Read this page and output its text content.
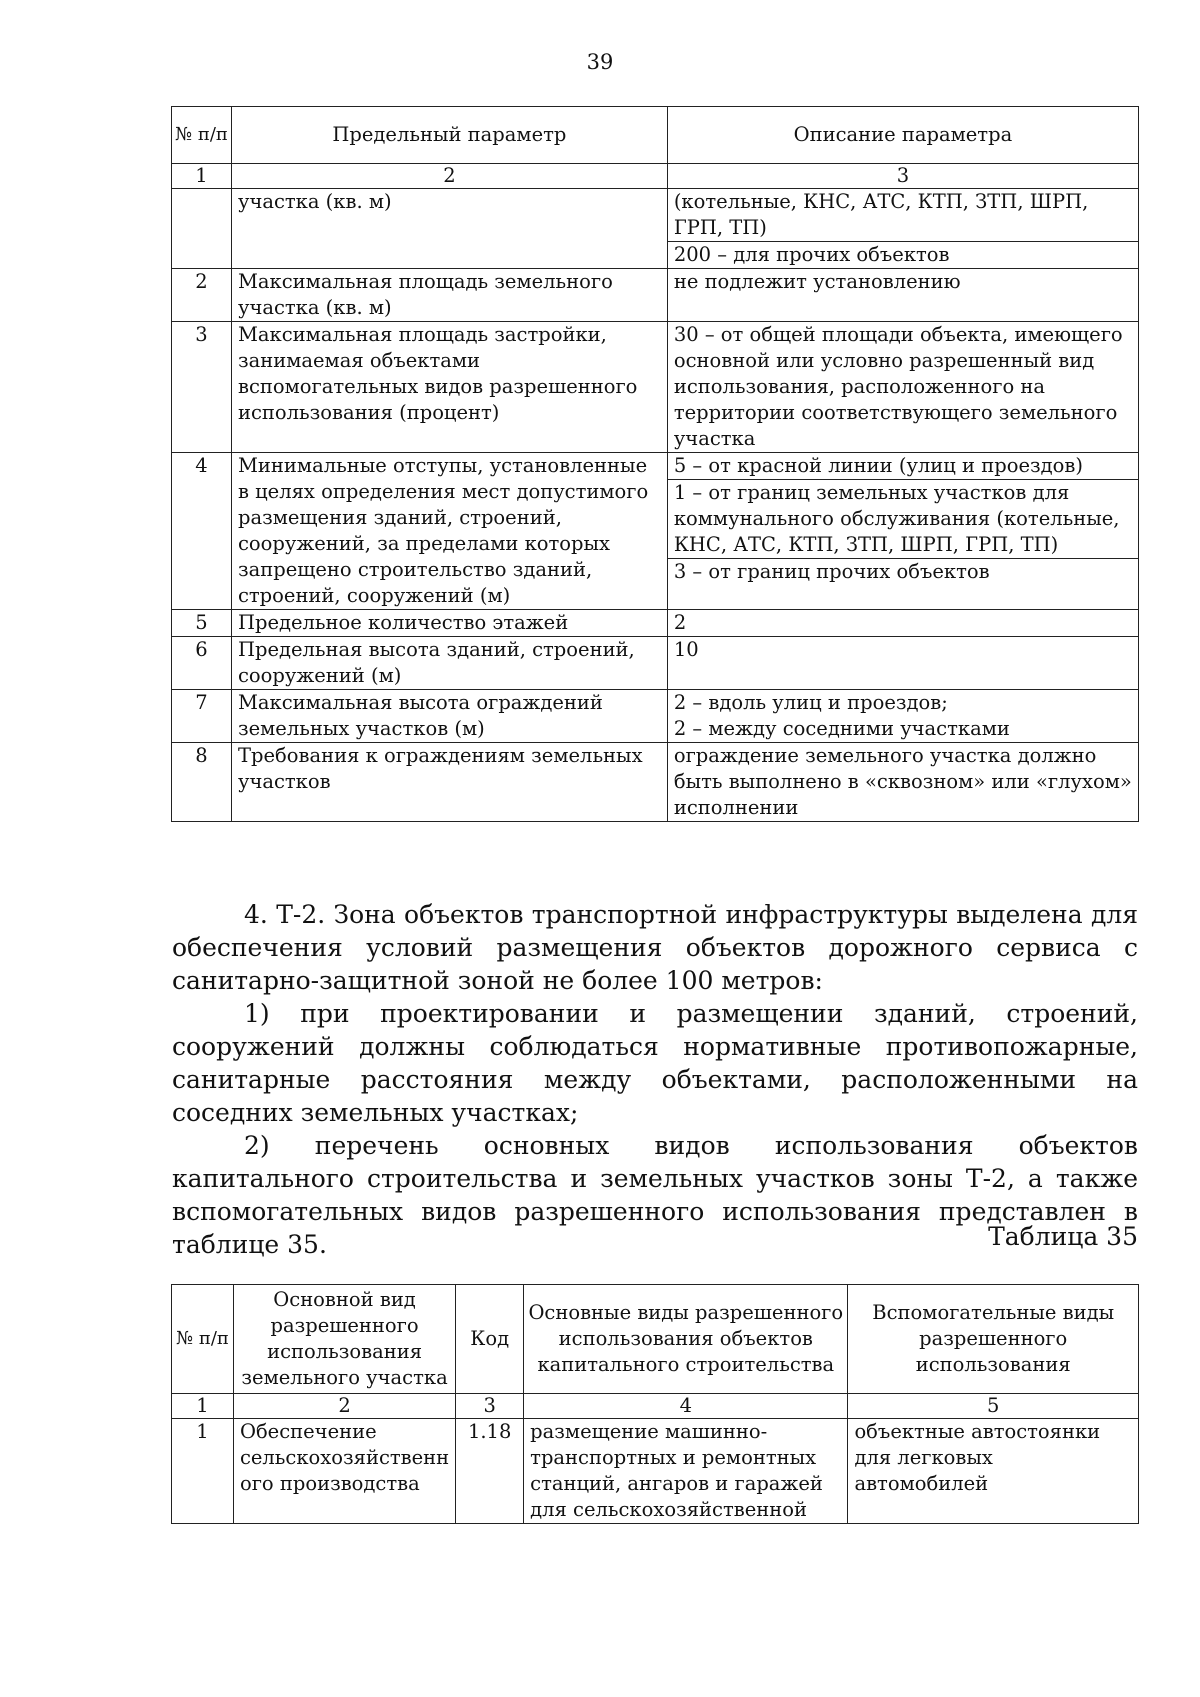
39
№ п/п	Предельный параметр	Описание параметра
1	2	3
	участка (кв. м)	(котельные, КНС, АТС, КТП, ЗТП, ШРП, ГРП, ТП)
200 – для прочих объектов

2	Максимальная площадь земельного участка (кв. м)	не подлежит установлению
3	Максимальная площадь застройки, занимаемая объектами вспомогательных видов разрешенного использования (процент)	30 – от общей площади объекта, имеющего основной или условно разрешенный вид использования, расположенного на территории соответствующего земельного участка
4	Минимальные отступы, установленные в целях определения мест допустимого размещения зданий, строений, сооружений, за пределами которых запрещено строительство зданий, строений, сооружений (м)	5 – от красной линии (улиц и проездов)
1 – от границ земельных участков для коммунального обслуживания (котельные, КНС, АТС, КТП, ЗТП, ШРП, ГРП, ТП)
3 – от границ прочих объектов

5	Предельное количество этажей	2
6	Предельная высота зданий, строений, сооружений (м)	10
7	Максимальная высота ограждений земельных участков (м)	2 – вдоль улиц и проездов;
2 – между соседними участками

8	Требования к ограждениям земельных участков	ограждение земельного участка должно быть выполнено в «сквозном» или «глухом» исполнении

4. Т-2. Зона объектов транспортной инфраструктуры выделена для обеспечения условий размещения объектов дорожного сервиса с санитарно-защитной зоной не более 100 метров:

1) при проектировании и размещении зданий, строений, сооружений должны соблюдаться нормативные противопожарные, санитарные расстояния между объектами, расположенными на соседних земельных участках;

2) перечень основных видов использования объектов капитального строительства и земельных участков зоны Т-2, а также вспомогательных видов разрешенного использования представлен в таблице 35.	Таблица 35
№ п/п	Основной вид разрешенного использования земельного участка	Код	Основные виды разрешенного использования объектов капитального строительства	Вспомогательные виды разрешенного использования
1	2	3	4	5
1	Обеспечение сельскохозяйственн ого производства	1.18	размещение машинно-транспортных и ремонтных станций, ангаров и гаражей для сельскохозяйственной	объектные автостоянки для легковых автомобилей
